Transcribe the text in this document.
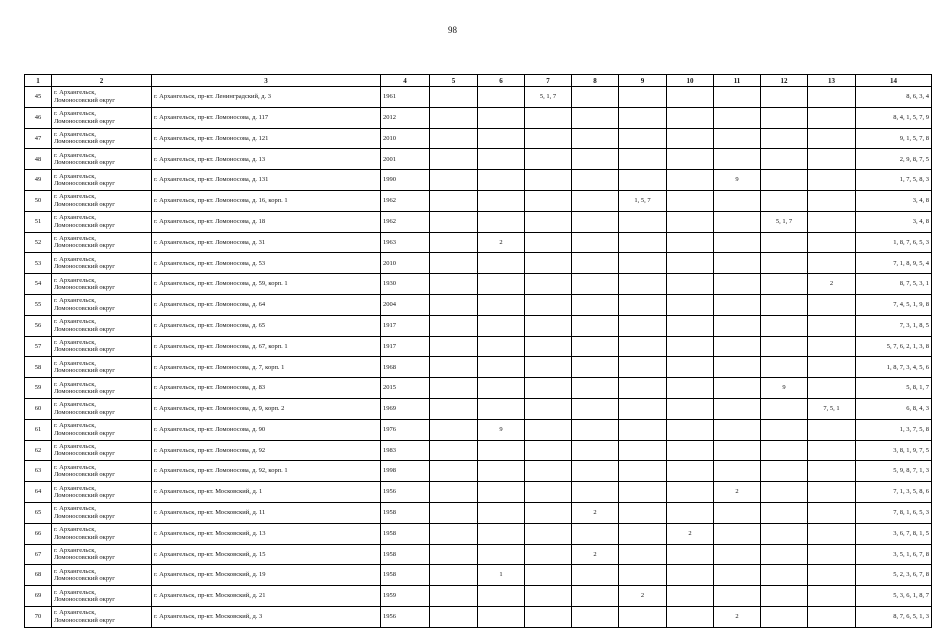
98
1	2	3	4	5	6	7	8	9	10	11	12	13	14
45	г. Архангельск,
Ломоносовский округ	г. Архангельск, пр-кт. Ленинградский, д. 3	1961			5, 1, 7							8, 6, 3, 4
46	г. Архангельск,
Ломоносовский округ	г. Архангельск, пр-кт. Ломоносова, д. 117	2012										8, 4, 1, 5, 7, 9
47	г. Архангельск,
Ломоносовский округ	г. Архангельск, пр-кт. Ломоносова, д. 121	2010										9, 1, 5, 7, 8
48	г. Архангельск,
Ломоносовский округ	г. Архангельск, пр-кт. Ломоносова, д. 13	2001										2, 9, 8, 7, 5
49	г. Архангельск,
Ломоносовский округ	г. Архангельск, пр-кт. Ломоносова, д. 131	1990							9			1, 7, 5, 8, 3
50	г. Архангельск,
Ломоносовский округ	г. Архангельск, пр-кт. Ломоносова, д. 16, корп. 1	1962					1, 5, 7					3, 4, 8
51	г. Архангельск,
Ломоносовский округ	г. Архангельск, пр-кт. Ломоносова, д. 18	1962								5, 1, 7		3, 4, 8
52	г. Архангельск,
Ломоносовский округ	г. Архангельск, пр-кт. Ломоносова, д. 31	1963		2								1, 8, 7, 6, 5, 3
53	г. Архангельск,
Ломоносовский округ	г. Архангельск, пр-кт. Ломоносова, д. 53	2010										7, 1, 8, 9, 5, 4
54	г. Архангельск,
Ломоносовский округ	г. Архангельск, пр-кт. Ломоносова, д. 59, корп. 1	1930									2	8, 7, 5, 3, 1
55	г. Архангельск,
Ломоносовский округ	г. Архангельск, пр-кт. Ломоносова, д. 64	2004										7, 4, 5, 1, 9, 8
56	г. Архангельск,
Ломоносовский округ	г. Архангельск, пр-кт. Ломоносова, д. 65	1917										7, 3, 1, 8, 5
57	г. Архангельск,
Ломоносовский округ	г. Архангельск, пр-кт. Ломоносова, д. 67, корп. 1	1917										5, 7, 6, 2, 1, 3, 8
58	г. Архангельск,
Ломоносовский округ	г. Архангельск, пр-кт. Ломоносова, д. 7, корп. 1	1968										1, 8, 7, 3, 4, 5, 6
59	г. Архангельск,
Ломоносовский округ	г. Архангельск, пр-кт. Ломоносова, д. 83	2015								9		5, 8, 1, 7
60	г. Архангельск,
Ломоносовский округ	г. Архангельск, пр-кт. Ломоносова, д. 9, корп. 2	1969									7, 5, 1	6, 8, 4, 3
61	г. Архангельск,
Ломоносовский округ	г. Архангельск, пр-кт. Ломоносова, д. 90	1976		9								1, 3, 7, 5, 8
62	г. Архангельск,
Ломоносовский округ	г. Архангельск, пр-кт. Ломоносова, д. 92	1983										3, 8, 1, 9, 7, 5
63	г. Архангельск,
Ломоносовский округ	г. Архангельск, пр-кт. Ломоносова, д. 92, корп. 1	1998										5, 9, 8, 7, 1, 3
64	г. Архангельск,
Ломоносовский округ	г. Архангельск, пр-кт. Московский, д. 1	1956							2			7, 1, 3, 5, 8, 6
65	г. Архангельск,
Ломоносовский округ	г. Архангельск, пр-кт. Московский, д. 11	1958				2						7, 8, 1, 6, 5, 3
66	г. Архангельск,
Ломоносовский округ	г. Архангельск, пр-кт. Московский, д. 13	1958						2				3, 6, 7, 8, 1, 5
67	г. Архангельск,
Ломоносовский округ	г. Архангельск, пр-кт. Московский, д. 15	1958				2						3, 5, 1, 6, 7, 8
68	г. Архангельск,
Ломоносовский округ	г. Архангельск, пр-кт. Московский, д. 19	1958		1								5, 2, 3, 6, 7, 8
69	г. Архангельск,
Ломоносовский округ	г. Архангельск, пр-кт. Московский, д. 21	1959					2					5, 3, 6, 1, 8, 7
70	г. Архангельск,
Ломоносовский округ	г. Архангельск, пр-кт. Московский, д. 3	1956							2			8, 7, 6, 5, 1, 3
